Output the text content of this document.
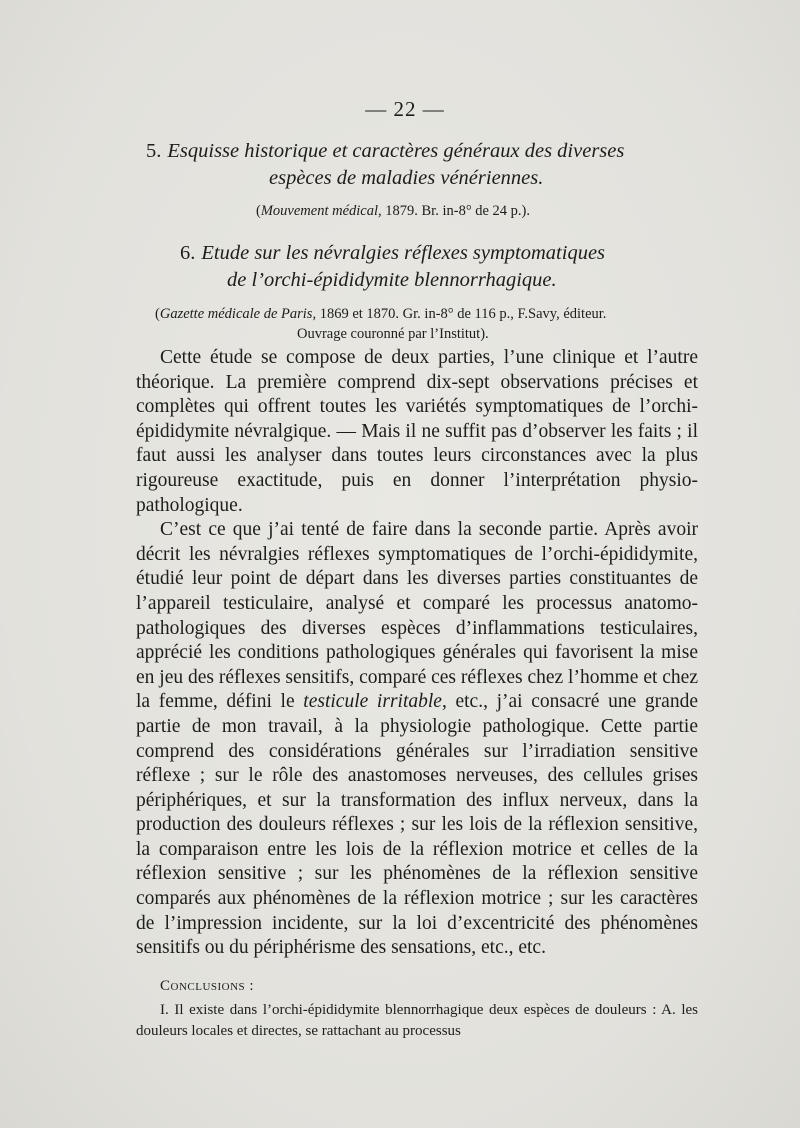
— 22 —
5. Esquisse historique et caractères généraux des diverses
espèces de maladies vénériennes.
(Mouvement médical, 1879. Br. in-8° de 24 p.).
6. Etude sur les névralgies réflexes symptomatiques
de l’orchi-épididymite blennorrhagique.
(Gazette médicale de Paris, 1869 et 1870. Gr. in-8° de 116 p., F.Savy, éditeur.
Ouvrage couronné par l’Institut).

Cette étude se compose de deux parties, l’une clinique et l’autre théorique. La première comprend dix-sept observations précises et complètes qui offrent toutes les variétés symptomatiques de l’orchi-épididymite névralgique. — Mais il ne suffit pas d’observer les faits ; il faut aussi les analyser dans toutes leurs circonstances avec la plus rigoureuse exactitude, puis en donner l’interprétation physio-pathologique.

C’est ce que j’ai tenté de faire dans la seconde partie. Après avoir décrit les névralgies réflexes symptomatiques de l’orchi-épididymite, étudié leur point de départ dans les diverses parties constituantes de l’appareil testiculaire, analysé et comparé les processus anatomo-pathologiques des diverses espèces d’inflammations testiculaires, apprécié les conditions pathologiques générales qui favorisent la mise en jeu des réflexes sensitifs, comparé ces réflexes chez l’homme et chez la femme, défini le testicule irritable, etc., j’ai consacré une grande partie de mon travail, à la physiologie pathologique. Cette partie comprend des considérations générales sur l’irradiation sensitive réflexe ; sur le rôle des anastomoses nerveuses, des cellules grises périphériques, et sur la transformation des influx nerveux, dans la production des douleurs réflexes ; sur les lois de la réflexion sensitive, la comparaison entre les lois de la réflexion motrice et celles de la réflexion sensitive ; sur les phénomènes de la réflexion sensitive comparés aux phénomènes de la réflexion motrice ; sur les caractères de l’impression incidente, sur la loi d’excentricité des phénomènes sensitifs ou du périphérisme des sensations, etc., etc.

Conclusions :
I. Il existe dans l’orchi-épididymite blennorrhagique deux espèces de douleurs : A. les douleurs locales et directes, se rattachant au processus
